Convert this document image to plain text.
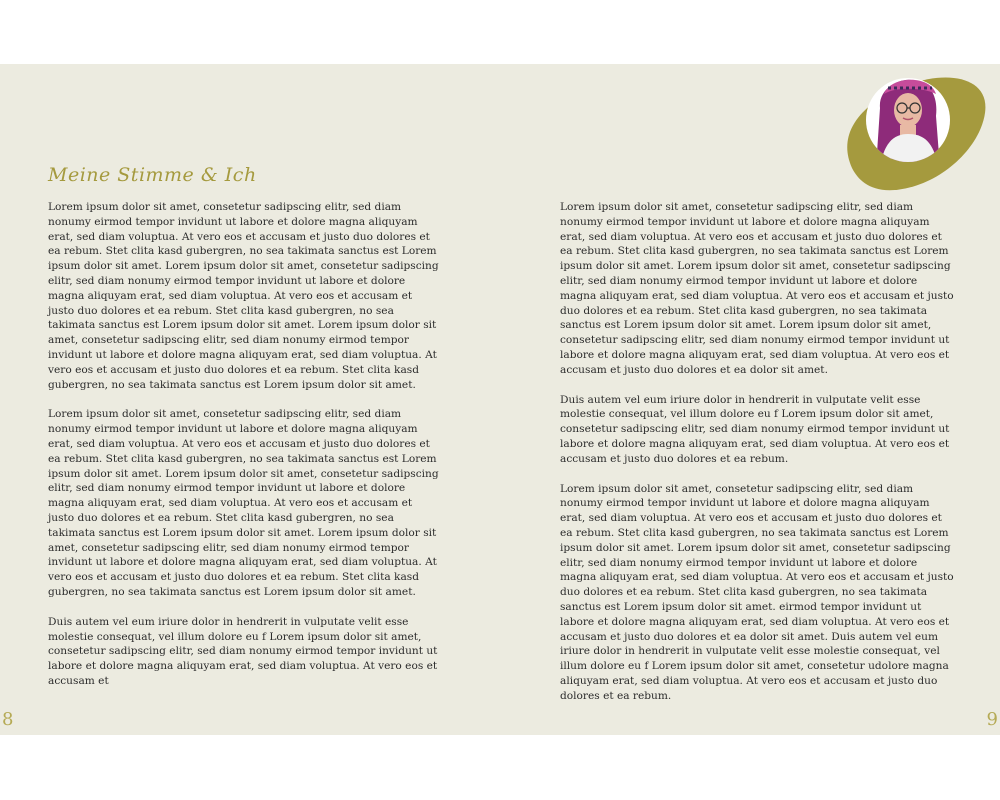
Meine Stimme & Ich

Lorem ipsum dolor sit amet, consetetur sadipscing elitr, sed diam nonumy eirmod tempor invidunt ut labore et dolore magna aliquyam erat, sed diam voluptua. At vero eos et accusam et justo duo dolores et ea rebum. Stet clita kasd gubergren, no sea takimata sanctus est Lorem ipsum dolor sit amet. Lorem ipsum dolor sit amet, consetetur sadipscing elitr, sed diam nonumy eirmod tempor invidunt ut labore et dolore magna aliquyam erat, sed diam voluptua. At vero eos et accusam et justo duo dolores et ea rebum. Stet clita kasd gubergren, no sea takimata sanctus est Lorem ipsum dolor sit amet. Lorem ipsum dolor sit amet, consetetur sadipscing elitr, sed diam nonumy eirmod tempor invidunt ut labore et dolore magna aliquyam erat, sed diam voluptua. At vero eos et accusam et justo duo dolores et ea rebum. Stet clita kasd gubergren, no sea takimata sanctus est Lorem ipsum dolor sit amet.

Lorem ipsum dolor sit amet, consetetur sadipscing elitr, sed diam nonumy eirmod tempor invidunt ut labore et dolore magna aliquyam erat, sed diam voluptua. At vero eos et accusam et justo duo dolores et ea rebum. Stet clita kasd gubergren, no sea takimata sanctus est Lorem ipsum dolor sit amet. Lorem ipsum dolor sit amet, consetetur sadipscing elitr, sed diam nonumy eirmod tempor invidunt ut labore et dolore magna aliquyam erat, sed diam voluptua. At vero eos et accusam et justo duo dolores et ea rebum. Stet clita kasd gubergren, no sea takimata sanctus est Lorem ipsum dolor sit amet. Lorem ipsum dolor sit amet, consetetur sadipscing elitr, sed diam nonumy eirmod tempor invidunt ut labore et dolore magna aliquyam erat, sed diam voluptua. At vero eos et accusam et justo duo dolores et ea rebum. Stet clita kasd gubergren, no sea takimata sanctus est Lorem ipsum dolor sit amet.

Duis autem vel eum iriure dolor in hendrerit in vulputate velit esse molestie consequat, vel illum dolore eu f Lorem ipsum dolor sit amet, consetetur sadipscing elitr, sed diam nonumy eirmod tempor invidunt ut labore et dolore magna aliquyam erat, sed diam voluptua. At vero eos et accusam et

8

Lorem ipsum dolor sit amet, consetetur sadipscing elitr, sed diam nonumy eirmod tempor invidunt ut labore et dolore magna aliquyam erat, sed diam voluptua. At vero eos et accusam et justo duo dolores et ea rebum. Stet clita kasd gubergren, no sea takimata sanctus est Lorem ipsum dolor sit amet. Lorem ipsum dolor sit amet, consetetur sadipscing elitr, sed diam nonumy eirmod tempor invidunt ut labore et dolore magna aliquyam erat, sed diam voluptua. At vero eos et accusam et justo duo dolores et ea rebum. Stet clita kasd gubergren, no sea takimata sanctus est Lorem ipsum dolor sit amet. Lorem ipsum dolor sit amet, consetetur sadipscing elitr, sed diam nonumy eirmod tempor invidunt ut labore et dolore magna aliquyam erat, sed diam voluptua. At vero eos et accusam et justo duo dolores et ea dolor sit amet.

Duis autem vel eum iriure dolor in hendrerit in vulputate velit esse molestie consequat, vel illum dolore eu f Lorem ipsum dolor sit amet, consetetur sadipscing elitr, sed diam nonumy eirmod tempor invidunt ut labore et dolore magna aliquyam erat, sed diam voluptua. At vero eos et accusam et justo duo dolores et ea rebum.

Lorem ipsum dolor sit amet, consetetur sadipscing elitr, sed diam nonumy eirmod tempor invidunt ut labore et dolore magna aliquyam erat, sed diam voluptua. At vero eos et accusam et justo duo dolores et ea rebum. Stet clita kasd gubergren, no sea takimata sanctus est Lorem ipsum dolor sit amet. Lorem ipsum dolor sit amet, consetetur sadipscing elitr, sed diam nonumy eirmod tempor invidunt ut labore et dolore magna aliquyam erat, sed diam voluptua. At vero eos et accusam et justo duo dolores et ea rebum. Stet clita kasd gubergren, no sea takimata sanctus est Lorem ipsum dolor sit amet. eirmod tempor invidunt ut labore et dolore magna aliquyam erat, sed diam voluptua. At vero eos et accusam et justo duo dolores et ea dolor sit amet. Duis autem vel eum iriure dolor in hendrerit in vulputate velit esse molestie consequat, vel illum dolore eu f Lorem ipsum dolor sit amet, consetetur udolore magna aliquyam erat, sed diam voluptua. At vero eos et accusam et justo duo dolores et ea rebum.

9
